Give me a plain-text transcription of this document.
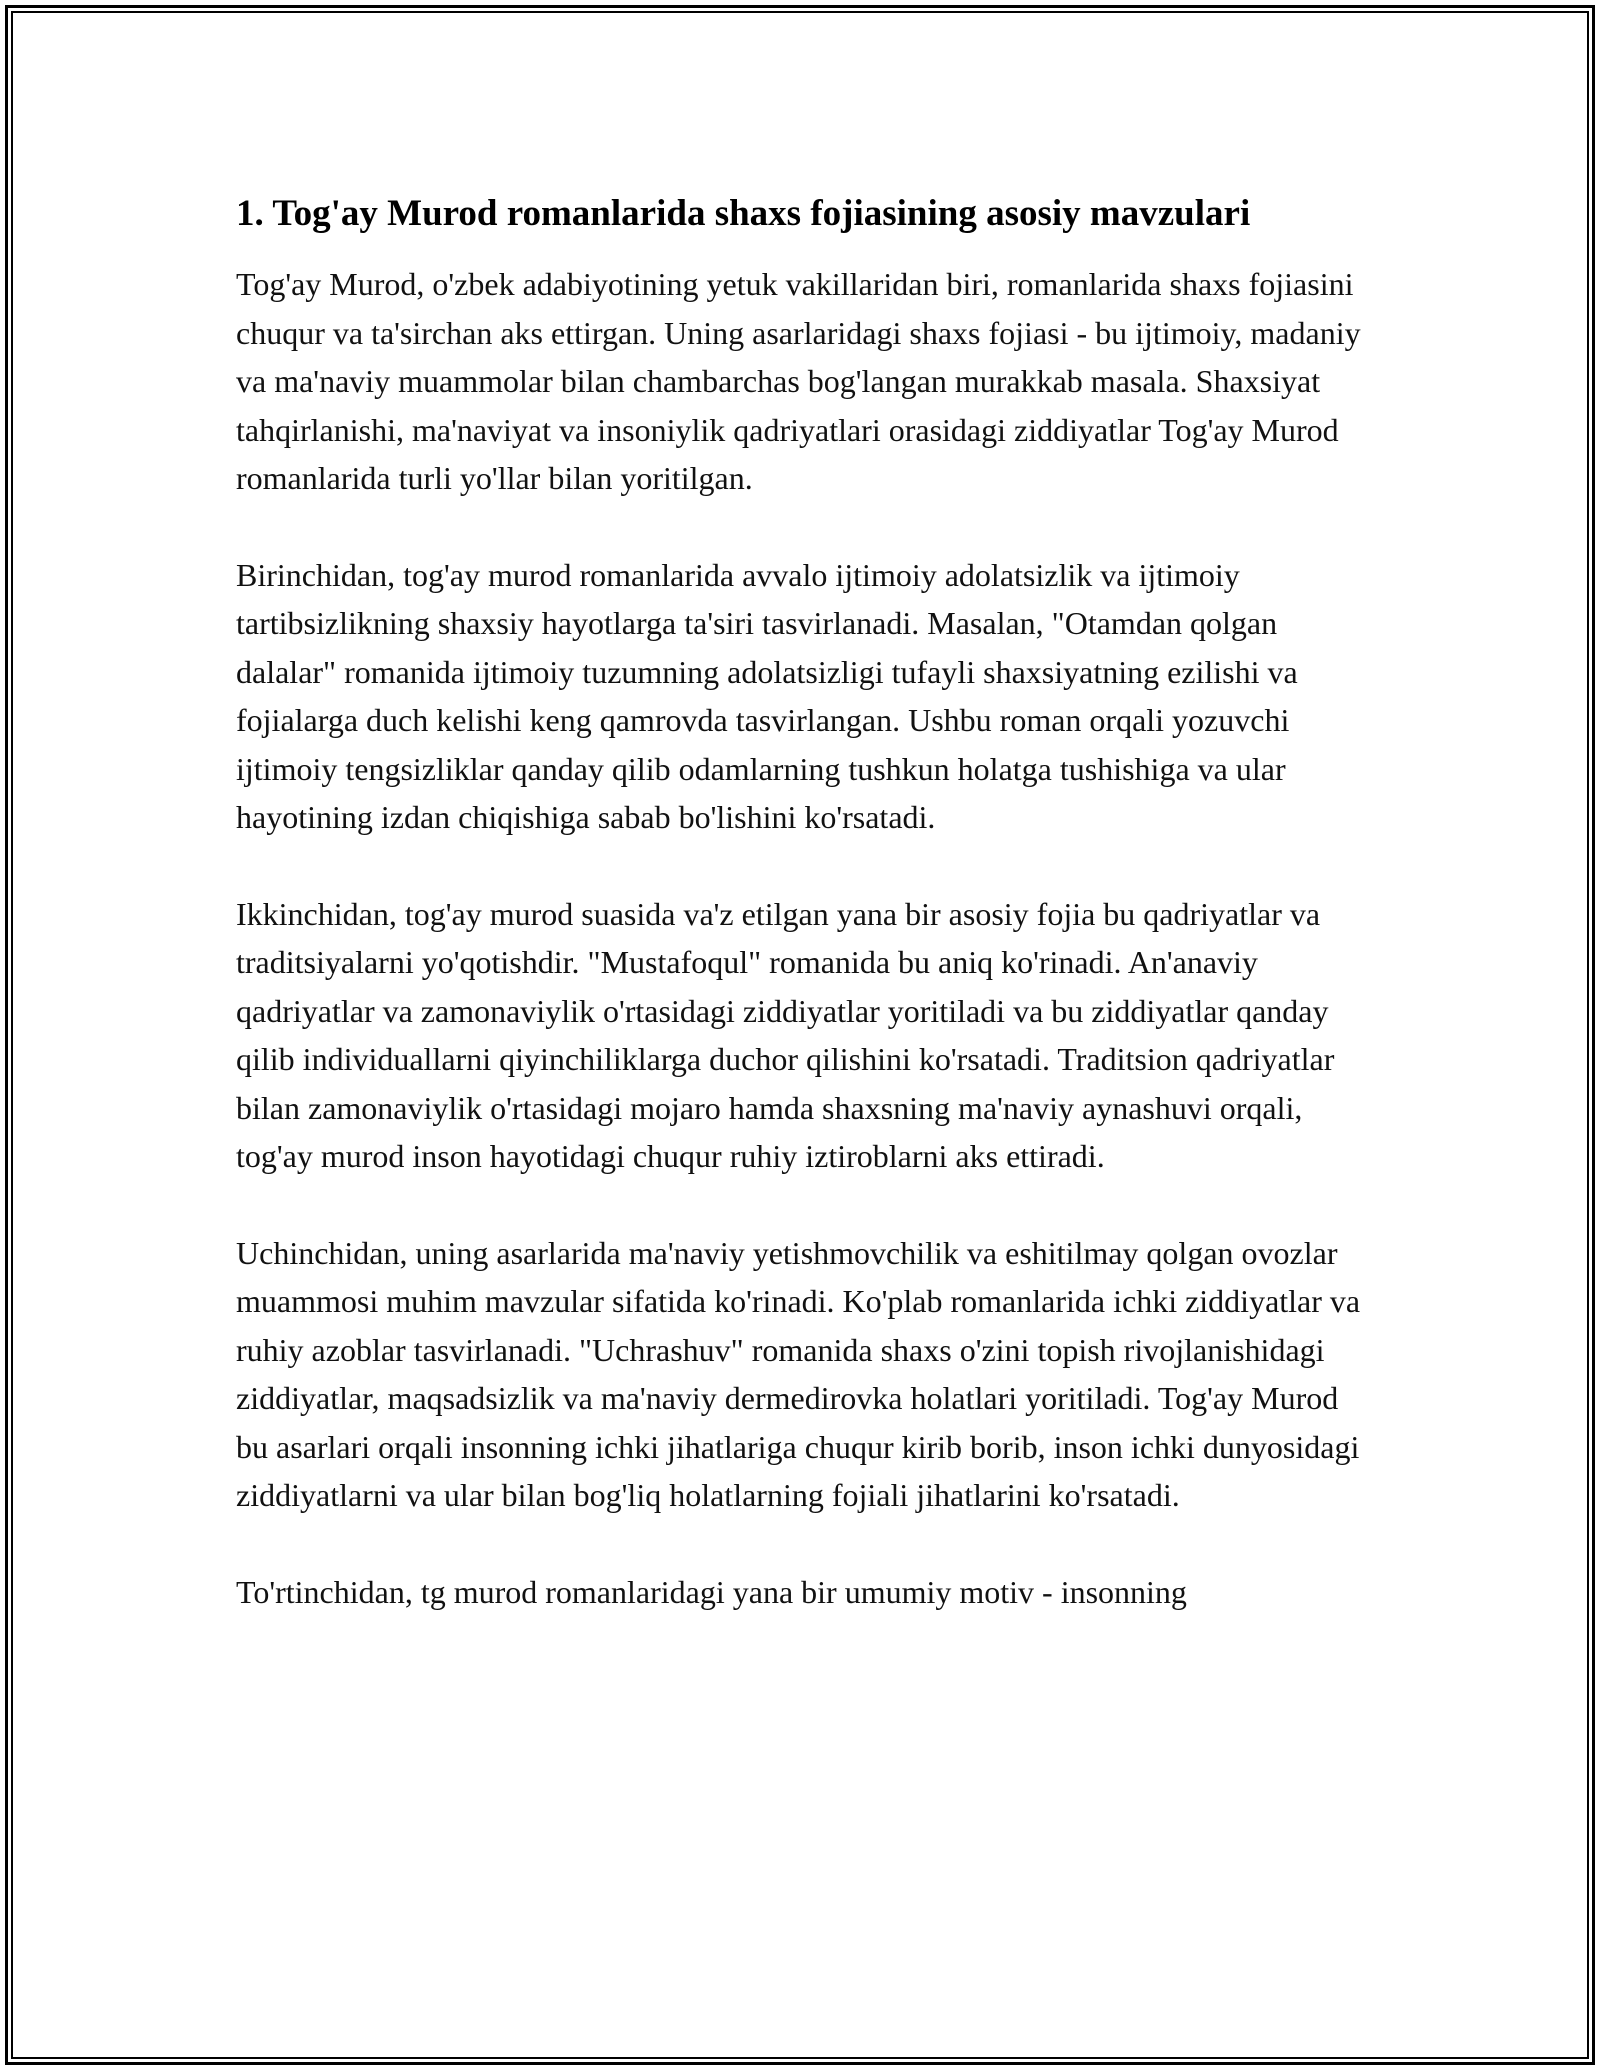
1. Tog'ay Murod romanlarida shaxs fojiasining asosiy mavzulari

Tog'ay Murod, o'zbek adabiyotining yetuk vakillaridan biri, romanlarida shaxs fojiasini chuqur va ta'sirchan aks ettirgan. Uning asarlaridagi shaxs fojiasi - bu ijtimoiy, madaniy va ma'naviy muammolar bilan chambarchas bog'langan murakkab masala. Shaxsiyat tahqirlanishi, ma'naviyat va insoniylik qadriyatlari orasidagi ziddiyatlar Tog'ay Murod romanlarida turli yo'llar bilan yoritilgan.

Birinchidan, tog'ay murod romanlarida avvalo ijtimoiy adolatsizlik va ijtimoiy tartibsizlikning shaxsiy hayotlarga ta'siri tasvirlanadi. Masalan, "Otamdan qolgan dalalar" romanida ijtimoiy tuzumning adolatsizligi tufayli shaxsiyatning ezilishi va fojialarga duch kelishi keng qamrovda tasvirlangan. Ushbu roman orqali yozuvchi ijtimoiy tengsizliklar qanday qilib odamlarning tushkun holatga tushishiga va ular hayotining izdan chiqishiga sabab bo'lishini ko'rsatadi.

Ikkinchidan, tog'ay murod suasida va'z etilgan yana bir asosiy fojia bu qadriyatlar va traditsiyalarni yo'qotishdir. "Mustafoqul" romanida bu aniq ko'rinadi. An'anaviy qadriyatlar va zamonaviylik o'rtasidagi ziddiyatlar yoritiladi va bu ziddiyatlar qanday qilib individuallarni qiyinchiliklarga duchor qilishini ko'rsatadi. Traditsion qadriyatlar bilan zamonaviylik o'rtasidagi mojaro hamda shaxsning ma'naviy aynashuvi orqali, tog'ay murod inson hayotidagi chuqur ruhiy iztiroblarni aks ettiradi.

Uchinchidan, uning asarlarida ma'naviy yetishmovchilik va eshitilmay qolgan ovozlar muammosi muhim mavzular sifatida ko'rinadi. Ko'plab romanlarida ichki ziddiyatlar va ruhiy azoblar tasvirlanadi. "Uchrashuv" romanida shaxs o'zini topish rivojlanishidagi ziddiyatlar, maqsadsizlik va ma'naviy dermedirovka holatlari yoritiladi. Tog'ay Murod bu asarlari orqali insonning ichki jihatlariga chuqur kirib borib, inson ichki dunyosidagi ziddiyatlarni va ular bilan bog'liq holatlarning fojiali jihatlarini ko'rsatadi.

To'rtinchidan, tg murod romanlaridagi yana bir umumiy motiv - insonning
